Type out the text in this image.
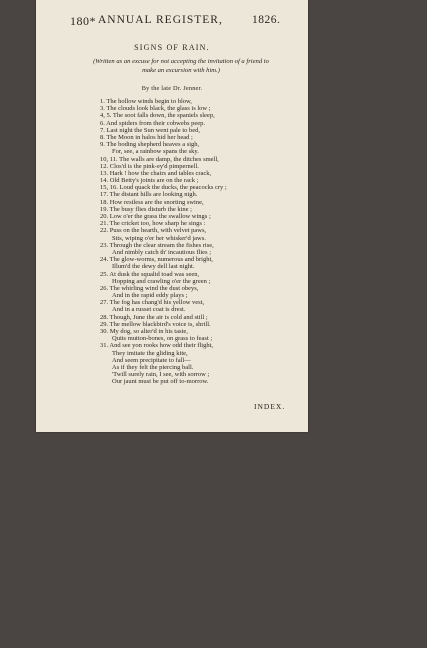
180* ANNUAL REGISTER,	1826.
SIGNS OF RAIN.
(Written as an excuse for not accepting the invitation of a friend to
make an excursion with him.)
By the late Dr. Jenner.
1. The hollow winds begin to blow,
3. The clouds look black, the glass is low ;
4, 5. The soot falls down, the spaniels sleep,
6. And spiders from their cobwebs peep.
7. Last night the Sun went pale to bed,
8. The Moon in halos hid her head ;
9. The boding shepherd heaves a sigh,
For, see, a rainbow spans the sky.
10, 11. The walls are damp, the ditches smell,
12. Clos'd is the pink-ey'd pimpernell.
13. Hark ! how the chairs and tables crack,
14. Old Betty's joints are on the rack ;
15, 16. Loud quack the ducks, the peacocks cry ;
17. The distant hills are looking nigh.
18. How restless are the snorting swine,
19. The busy flies disturb the kine ;
20. Low o'er the grass the swallow wings ;
21. The cricket too, how sharp he sings :
22. Puss on the hearth, with velvet paws,
Sits, wiping o'er her whisker'd jaws.
23. Through the clear stream the fishes rise,
And nimbly catch th' incautious flies ;
24. The glow-worms, numerous and bright,
Illum'd the dewy dell last night.
25. At dusk the squalid toad was seen,
Hopping and crawling o'er the green ;
26. The whirling wind the dust obeys,
And in the rapid eddy plays ;
27. The fog has chang'd his yellow vest,
And in a russet coat is drest.
28. Though, June the air is cold and still ;
29. The mellow blackbird's voice is, shrill.
30. My dog, so alter'd in his taste,
Quits mutton-bones, on grass to feast ;
31. And see yon rooks how odd their flight,
They imitate the gliding kite,
And seem precipitate to fall—
As if they felt the piercing ball.
'Twill surely rain, I see, with sorrow ;
Our jaunt must be put off to-morrow.
INDEX.
